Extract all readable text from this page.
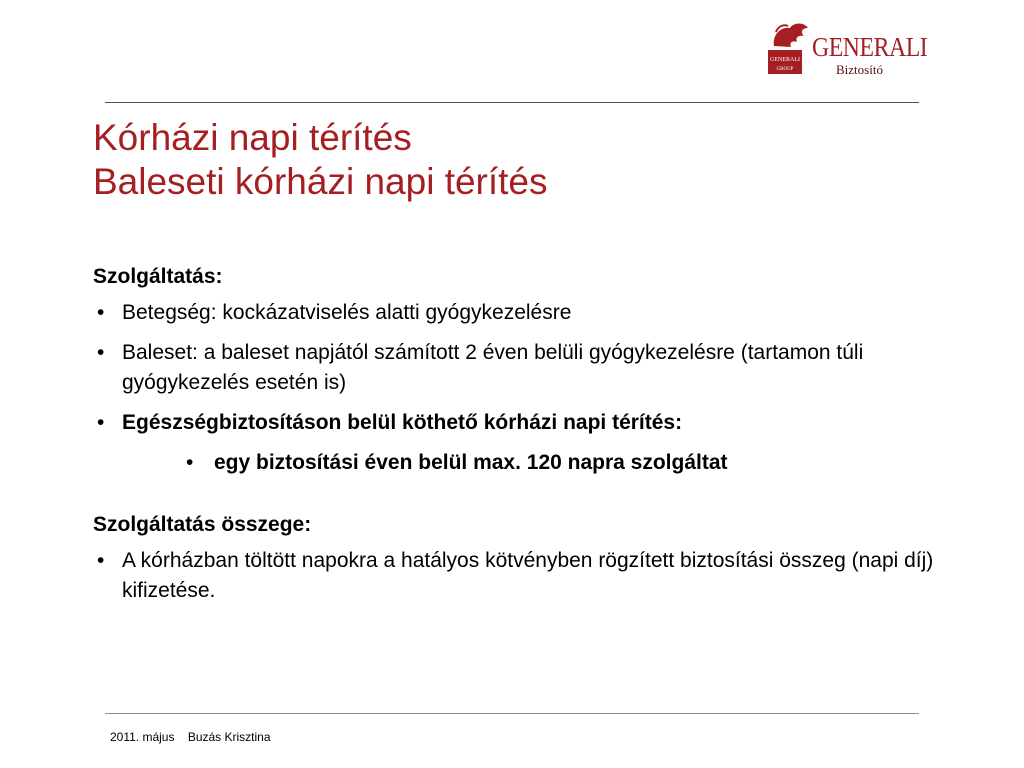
GENERALI
GROUP
GENERALI
Biztosító
Kórházi napi térítés
Baleseti kórházi napi térítés

Szolgáltatás:

• Betegség: kockázatviselés alatti gyógykezelésre
• Baleset: a baleset napjától számított 2 éven belüli gyógykezelésre (tartamon túli gyógykezelés esetén is)
• Egészségbiztosításon belül köthető kórházi napi térítés:
• egy biztosítási éven belül max. 120 napra szolgáltat

Szolgáltatás összege:

• A kórházban töltött napokra a hatályos kötvényben rögzített biztosítási összeg (napi díj) kifizetése.
2011. május Buzás Krisztina
